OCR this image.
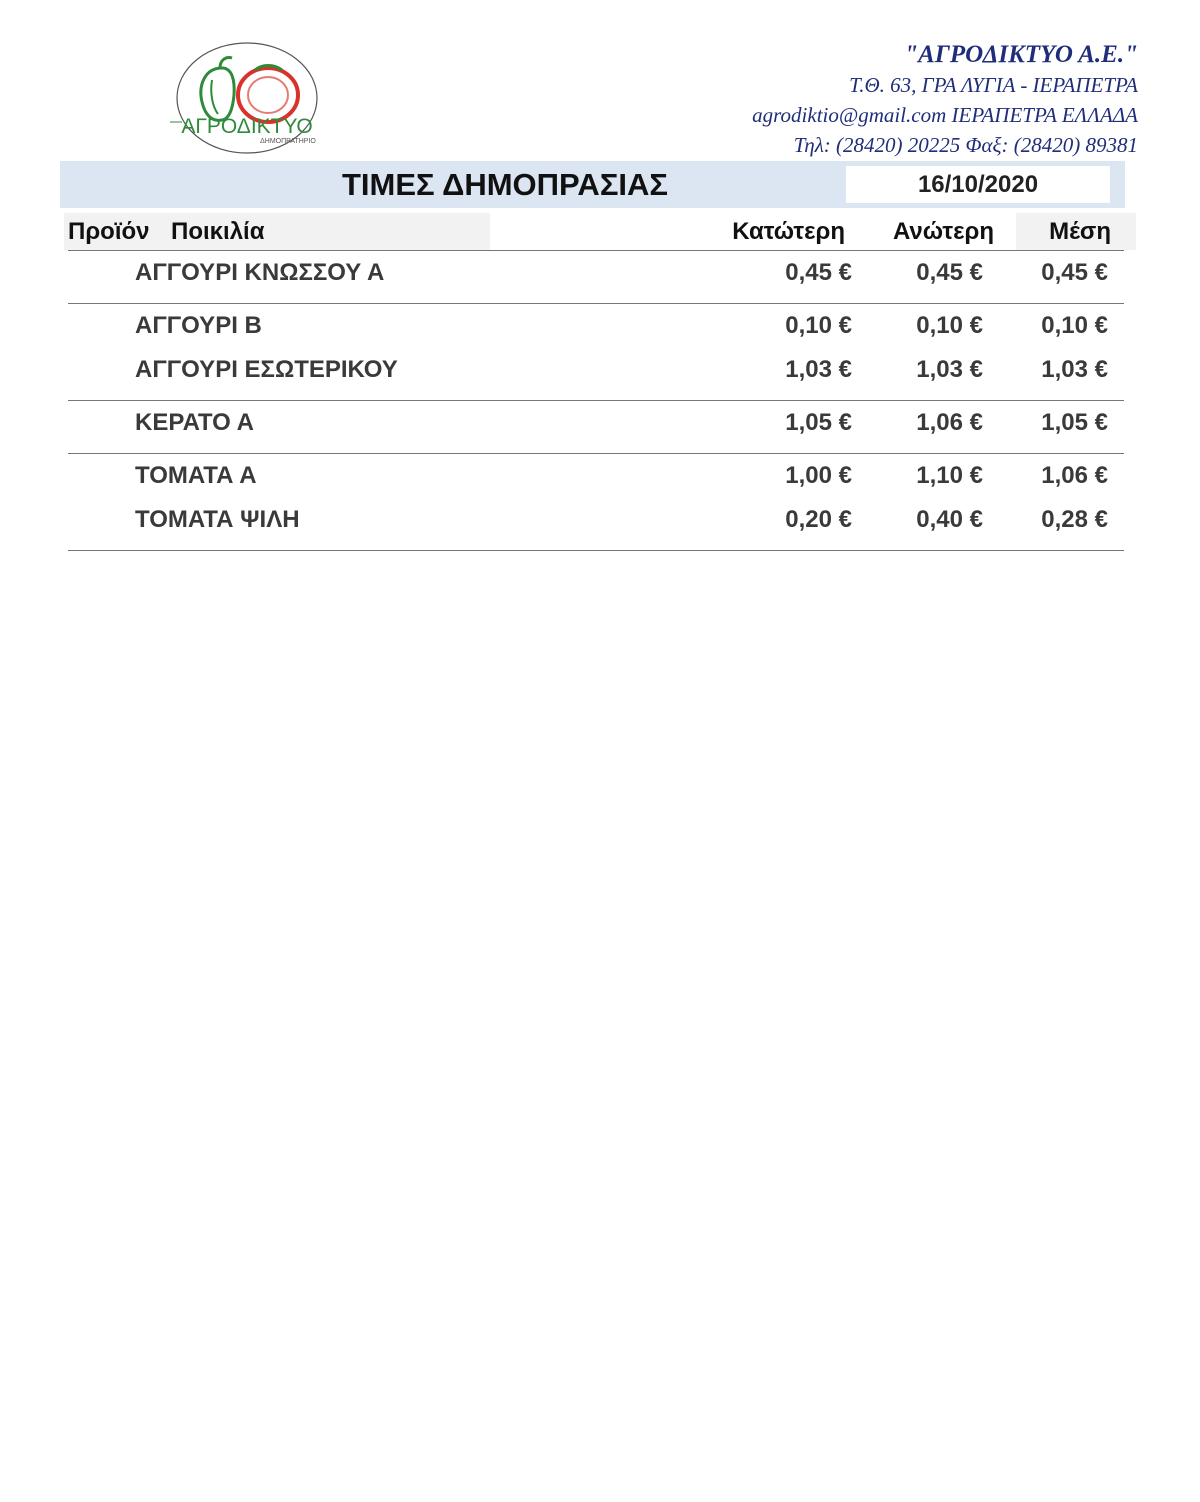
ΑΓΡΟΔΙΚΤΥΟ
ΔΗΜΟΠΡΑΤΗΡΙΟ
"ΑΓΡΟΔΙΚΤΥΟ Α.Ε."
Τ.Θ. 63, ΓΡΑ ΛΥΓΙΑ - ΙΕΡΑΠΕΤΡΑ
agrodiktio@gmail.com ΙΕΡΑΠΕΤΡΑ ΕΛΛΑΔΑ
Τηλ: (28420) 20225 Φαξ: (28420) 89381
ΤΙΜΕΣ ΔΗΜΟΠΡΑΣΙΑΣ	16/10/2020
Προϊόν Ποικιλία	Κατώτερη Ανώτερη Μέση
ΑΓΓΟΥΡΙ ΚΝΩΣΣΟΥ Α	0,45 €	0,45 € 0,45 €
ΑΓΓΟΥΡΙ Β	0,10 €	0,10 € 0,10 €
ΑΓΓΟΥΡΙ ΕΣΩΤΕΡΙΚΟΥ	1,03 €	1,03 € 1,03 €
ΚΕΡΑΤΟ Α	1,05 €	1,06 € 1,05 €
ΤΟΜΑΤΑ Α	1,00 €	1,10 € 1,06 €
ΤΟΜΑΤΑ ΨΙΛΗ	0,20 €	0,40 € 0,28 €
